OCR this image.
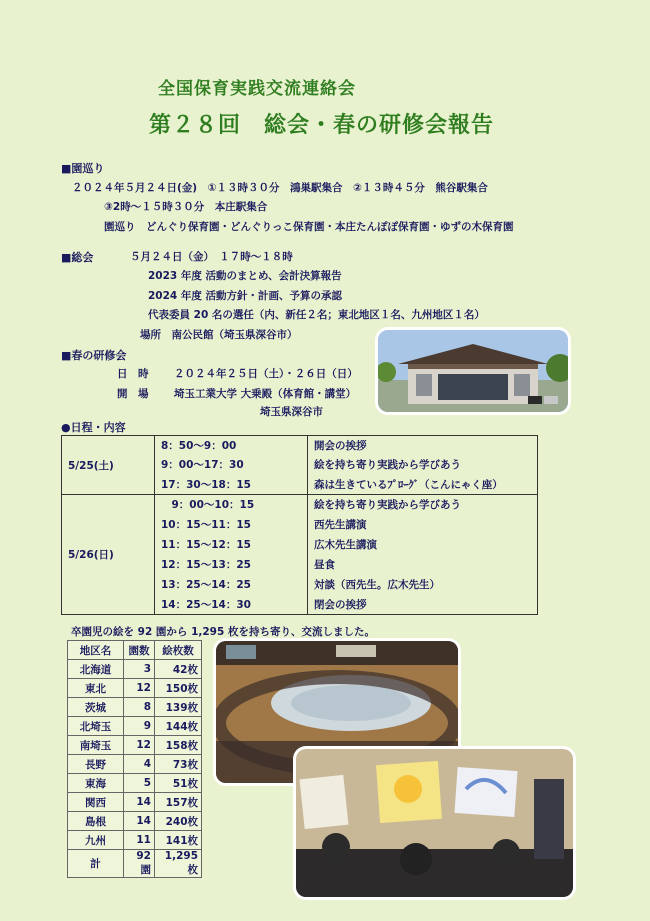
全国保育実践交流連絡会
第２８回　総会・春の研修会報告
■園巡り
２０２４年５月２４日(金)　①１３時３０分　鴻巣駅集合　②１３時４５分　熊谷駅集合
③2時～１５時３０分　本庄駅集合
園巡り　どんぐり保育園・どんぐりっこ保育園・本庄たんぽぽ保育園・ゆずの木保育園
■総会	５月２４日（金）　１７時～１８時
2023 年度 活動のまとめ、会計決算報告
2024 年度 活動方針・計画、予算の承認
代表委員 20 名の選任（内、新任２名；東北地区１名、九州地区１名）
場所　南公民館（埼玉県深谷市）
■春の研修会
日　時 ２０２４年２５日（土）・２６日（日）
開　場 埼玉工業大学 大乗殿（体育館・講堂）
埼玉県深谷市
●日程・内容
5/25(土)	8：50～9：00	開会の挨拶
	9：00～17：30	絵を持ち寄り実践から学びあう
	17：30～18：15	森は生きているﾌﾟﾛｰｸﾞ（こんにゃく座）
5/26(日)	　9：00～10：15	絵を持ち寄り実践から学びあう
	10：15～11：15	西先生講演
	11：15～12：15	広木先生講演
	12：15～13：25	昼食
	13：25～14：25	対談（西先生。広木先生）
	14：25～14：30	閉会の挨拶
卒園児の絵を 92 園から 1,295 枚を持ち寄り、交流しました。
地区名	園数	絵枚数
北海道	3	42枚
東北	12	150枚
茨城	8	139枚
北埼玉	9	144枚
南埼玉	12	158枚
長野	4	73枚
東海	5	51枚
関西	14	157枚
島根	14	240枚
九州	11	141枚
計	92園	1,295枚
